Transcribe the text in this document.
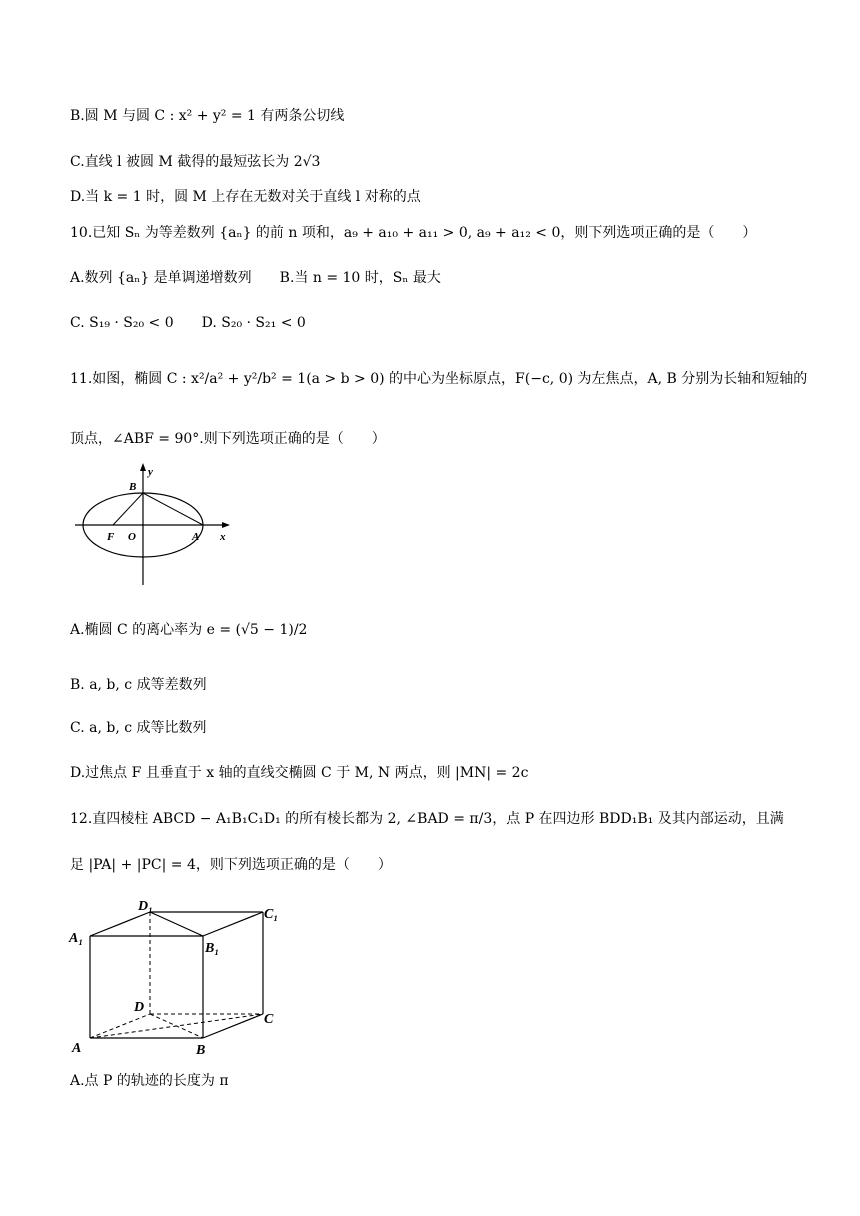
B.圆 M 与圆 C : x² + y² = 1 有两条公切线
C.直线 l 被圆 M 截得的最短弦长为 2√3
D.当 k = 1 时，圆 M 上存在无数对关于直线 l 对称的点
10.已知 Sₙ 为等差数列 {aₙ} 的前 n 项和，a₉ + a₁₀ + a₁₁ > 0, a₉ + a₁₂ < 0，则下列选项正确的是（　　）
A.数列 {aₙ} 是单调递增数列　　B.当 n = 10 时，Sₙ 最大
C. S₁₉ · S₂₀ < 0　　D. S₂₀ · S₂₁ < 0
11.如图，椭圆 C : x²/a² + y²/b² = 1(a > b > 0) 的中心为坐标原点，F(−c, 0) 为左焦点，A, B 分别为长轴和短轴的
顶点，∠ABF = 90°.则下列选项正确的是（　　）
y
x
B
F O	A
A.椭圆 C 的离心率为 e = (√5 − 1)/2
B. a, b, c 成等差数列
C. a, b, c 成等比数列
D.过焦点 F 且垂直于 x 轴的直线交椭圆 C 于 M, N 两点，则 |MN| = 2c
12.直四棱柱 ABCD − A₁B₁C₁D₁ 的所有棱长都为 2, ∠BAD = π/3，点 P 在四边形 BDD₁B₁ 及其内部运动，且满
足 |PA| + |PC| = 4，则下列选项正确的是（　　）
D₁
C₁
A₁
B₁
D
C
A	B
A.点 P 的轨迹的长度为 π
